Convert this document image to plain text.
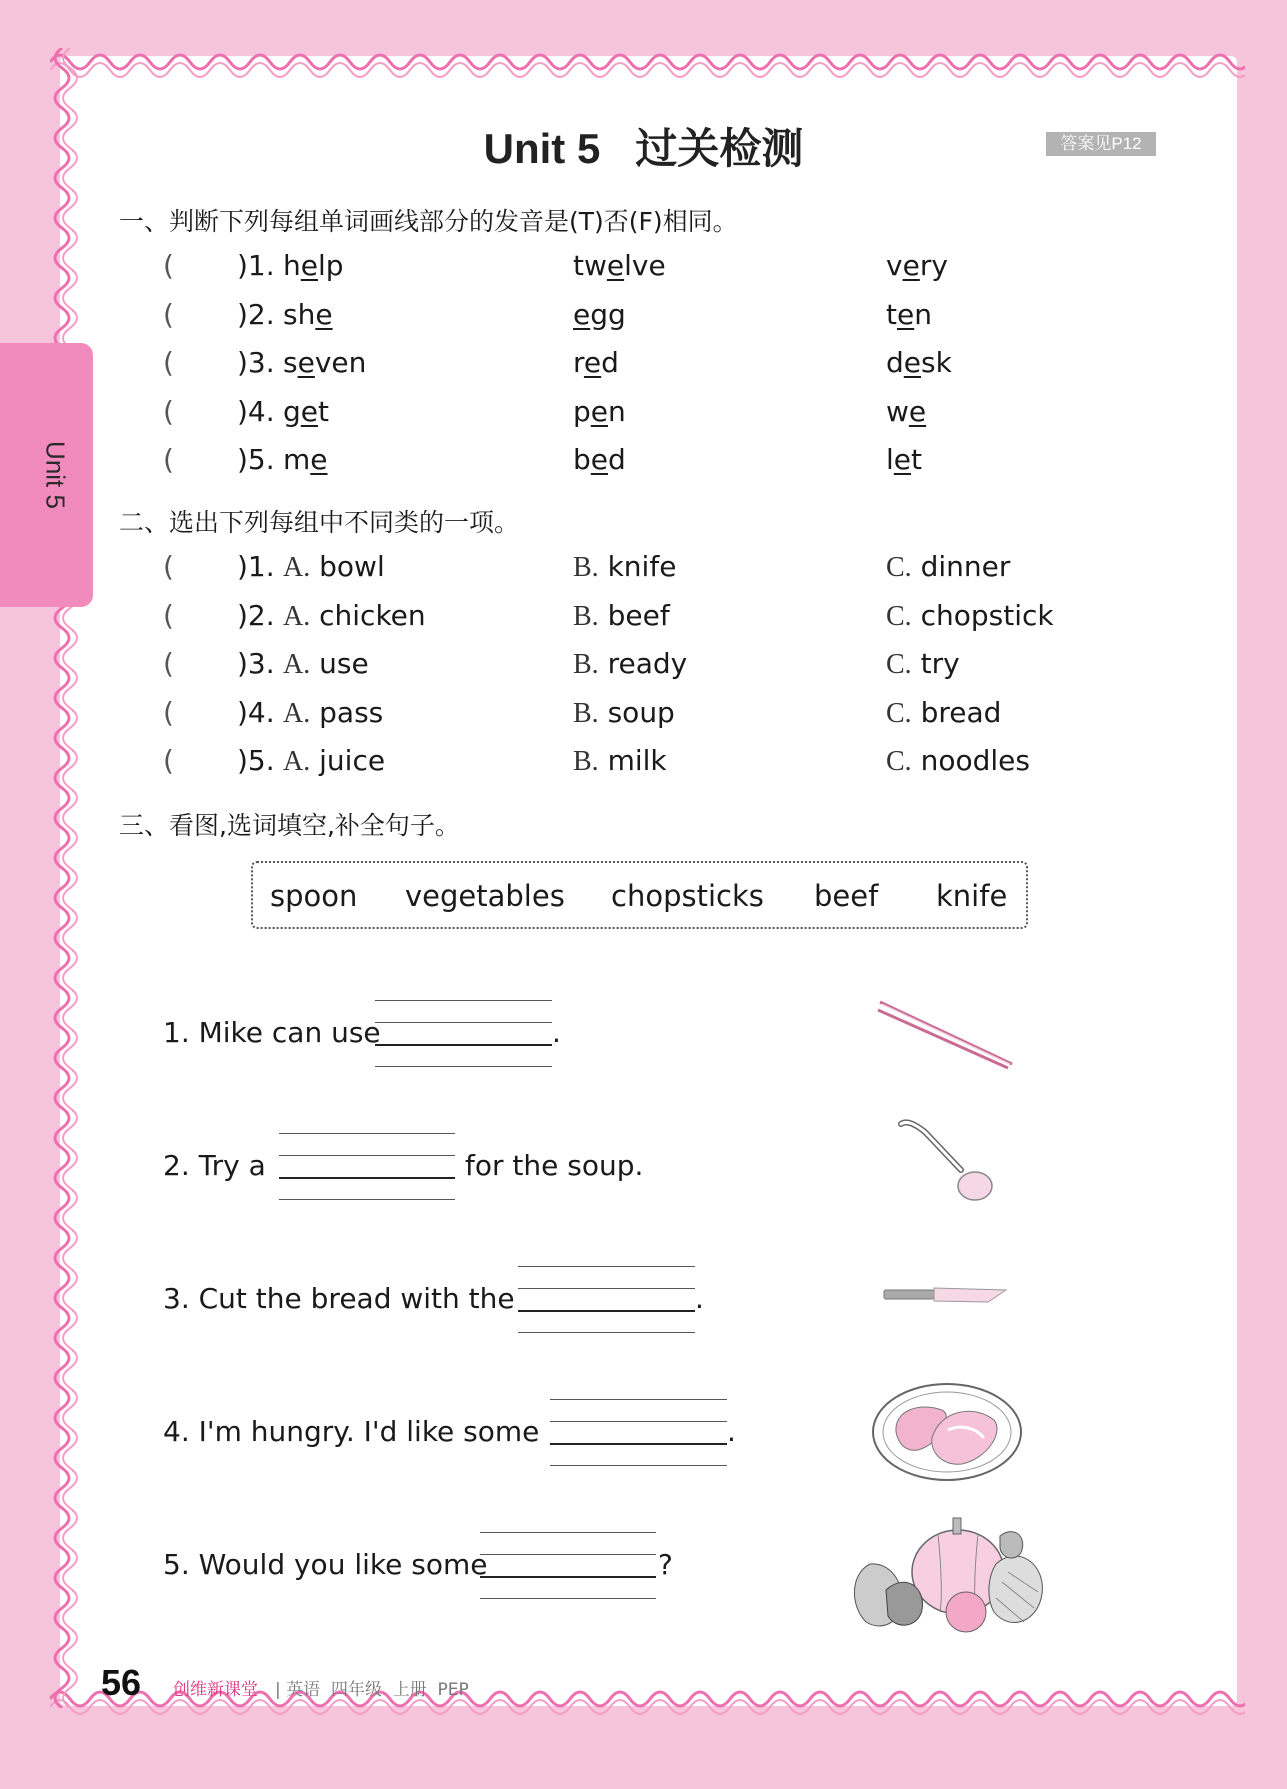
Unit 5
Unit 5   过关检测	答案见P12
一、判断下列每组单词画线部分的发音是(T)否(F)相同。
( )1. help	twelve	very
( )2. she	egg	ten
( )3. seven	red	desk
( )4. get	pen	we
( )5. me	bed	let
二、选出下列每组中不同类的一项。
( )1. A. bowl	B. knife	C. dinner
( )2. A. chicken	B. beef	C. chopstick
( )3. A. use	B. ready	C. try
( )4. A. pass	B. soup	C. bread
( )5. A. juice	B. milk	C. noodles
三、看图,选词填空,补全句子。
spoon vegetables chopsticks beef knife
1. Mike can use	.
2. Try a	for the soup.
3. Cut the bread with the	.
4. I'm hungry. I'd like some	.
5. Would you like some	?
56 创维新课堂 | 英语  四年级  上册  PEP
